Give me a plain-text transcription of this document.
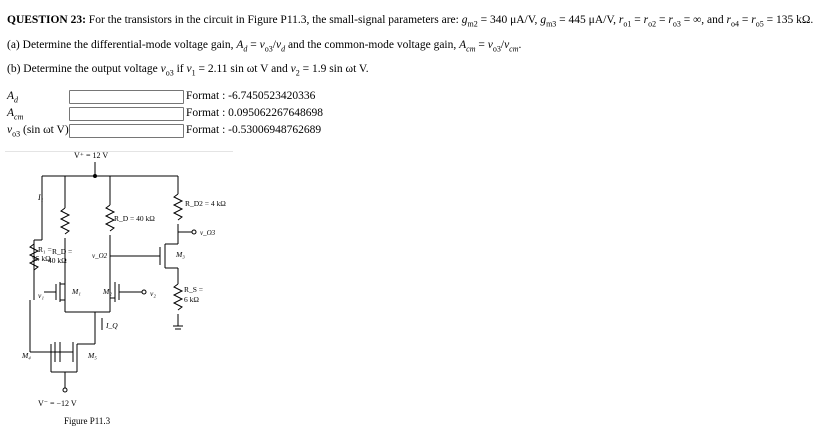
QUESTION 23: For the transistors in the circuit in Figure P11.3, the small-signal parameters are: $g_{m2} = 340$ μA/V, $g_{m3} = 445$ μA/V, $r_{o1} = r_{o2} = r_{o3}$ = ∞, and $r_{o4} = r_{o5} = 135$ kΩ.
(a) Determine the differential-mode voltage gain, $A_d = v_{o3}/v_d$ and the common-mode voltage gain, $A_{cm} = v_{o3}/v_{cm}$.
(b) Determine the output voltage $v_{o3}$ if $v_1 = 2.11$ sin ωt V and $v_2 = 1.9$ sin ωt V.
$A_d$	Format : -6.7450523420336
$A_{cm}$	Format : 0.095062267648698
$v_{o3}$ (sin ωt V)	Format : -0.53006948762689
V⁺ = 12 V
I₁
R_D =
40 kΩ
R_D = 40 kΩ
R_D2 = 4 kΩ
v_O3
R₁ =
55 kΩ	v_O2	M₃
M₁	M₂	v₂
v₁
R_S =
6 kΩ
I_Q
M₄	M₅
V⁻ = −12 V
Figure P11.3
